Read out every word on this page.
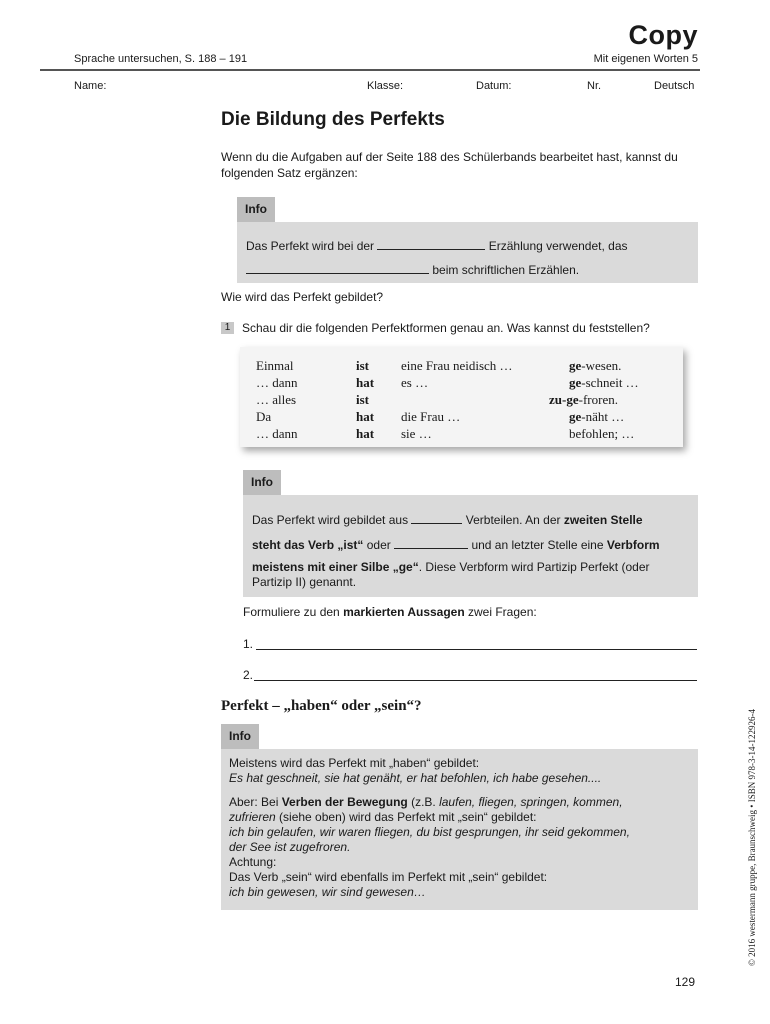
Copy
Sprache untersuchen, S. 188 – 191	Mit eigenen Worten 5
Name:	Klasse:	Datum:	Nr.	Deutsch
Die Bildung des Perfekts
Wenn du die Aufgaben auf der Seite 188 des Schülerbands bearbeitet hast, kannst du folgenden Satz ergänzen:
Info
Das Perfekt wird bei der	Erzählung verwendet, das
beim schriftlichen Erzählen.
Wie wird das Perfekt gebildet?
1 Schau dir die folgenden Perfektformen genau an. Was kannst du feststellen?
Einmal	ist eine Frau neidisch …	ge-wesen.
… dann	hat es …	ge-schneit …
… alles	ist	zu-ge-froren.
Da	hat die Frau …	ge-näht …
… dann	hat sie …	befohlen; …
Info
Das Perfekt wird gebildet aus	Verbteilen. An der zweiten Stelle
steht das Verb „ist“ oder	und an letzter Stelle eine Verbform
meistens mit einer Silbe „ge“. Diese Verbform wird Partizip Perfekt (oder
Partizip II) genannt.
Formuliere zu den markierten Aussagen zwei Fragen:
1.
2.
Perfekt – „haben“ oder „sein“?
Info
Meistens wird das Perfekt mit „haben“ gebildet:
Es hat geschneit, sie hat genäht, er hat befohlen, ich habe gesehen....
Aber: Bei Verben der Bewegung (z.B. laufen, fliegen, springen, kommen,
zufrieren (siehe oben) wird das Perfekt mit „sein“ gebildet:
ich bin gelaufen, wir waren fliegen, du bist gesprungen, ihr seid gekommen,
der See ist zugefroren.
Achtung:
Das Verb „sein“ wird ebenfalls im Perfekt mit „sein“ gebildet:
ich bin gewesen, wir sind gewesen…	© 2016 westermann gruppe, Braunschweig • ISBN 978-3-14-122926-4
129
